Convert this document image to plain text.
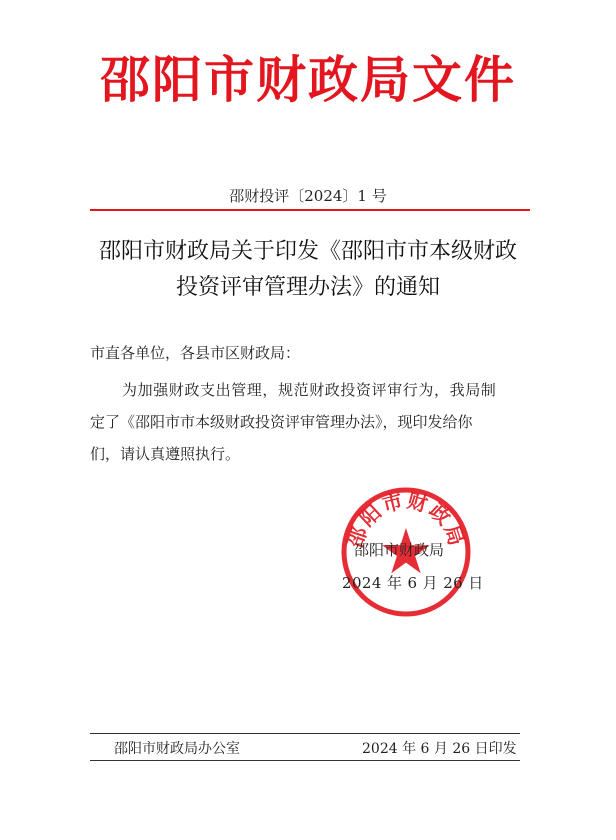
邵阳市财政局文件
邵财投评〔2024〕1 号
邵阳市财政局关于印发《邵阳市市本级财政
投资评审管理办法》的通知
市直各单位，各县市区财政局：
为加强财政支出管理，规范财政投资评审行为，我局制
定了《邵阳市市本级财政投资评审管理办法》，现印发给你
们，请认真遵照执行。
邵阳市财政局
邵阳市财政局
2024 年 6 月 26 日
邵阳市财政局办公室	2024 年 6 月 26 日印发
